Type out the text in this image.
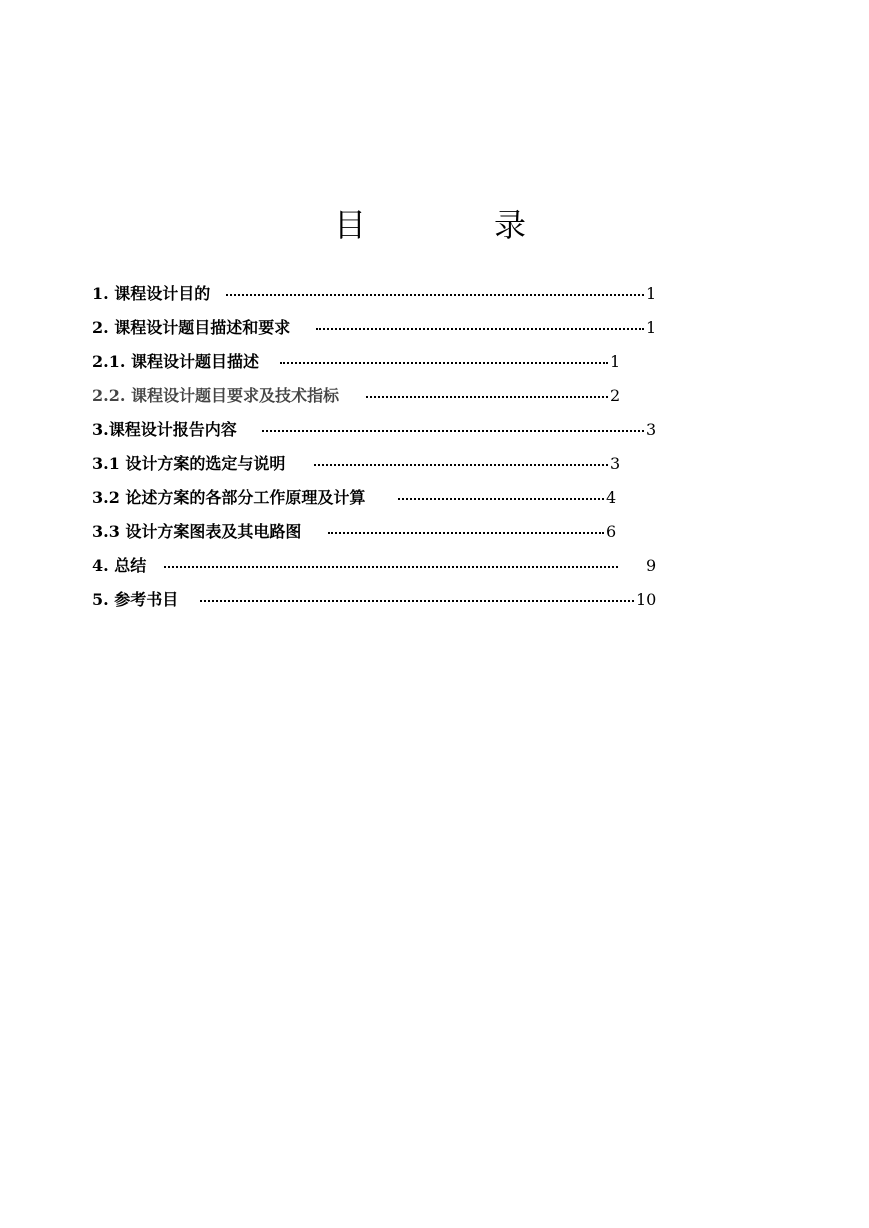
目	录
1. 课程设计目的	1
2. 课程设计题目描述和要求	1
2.1. 课程设计题目描述	1
2.2. 课程设计题目要求及技术指标	2
3.课程设计报告内容	3
3.1 设计方案的选定与说明	3
3.2 论述方案的各部分工作原理及计算	4
3.3 设计方案图表及其电路图	6
4. 总结	9
5. 参考书目	10
